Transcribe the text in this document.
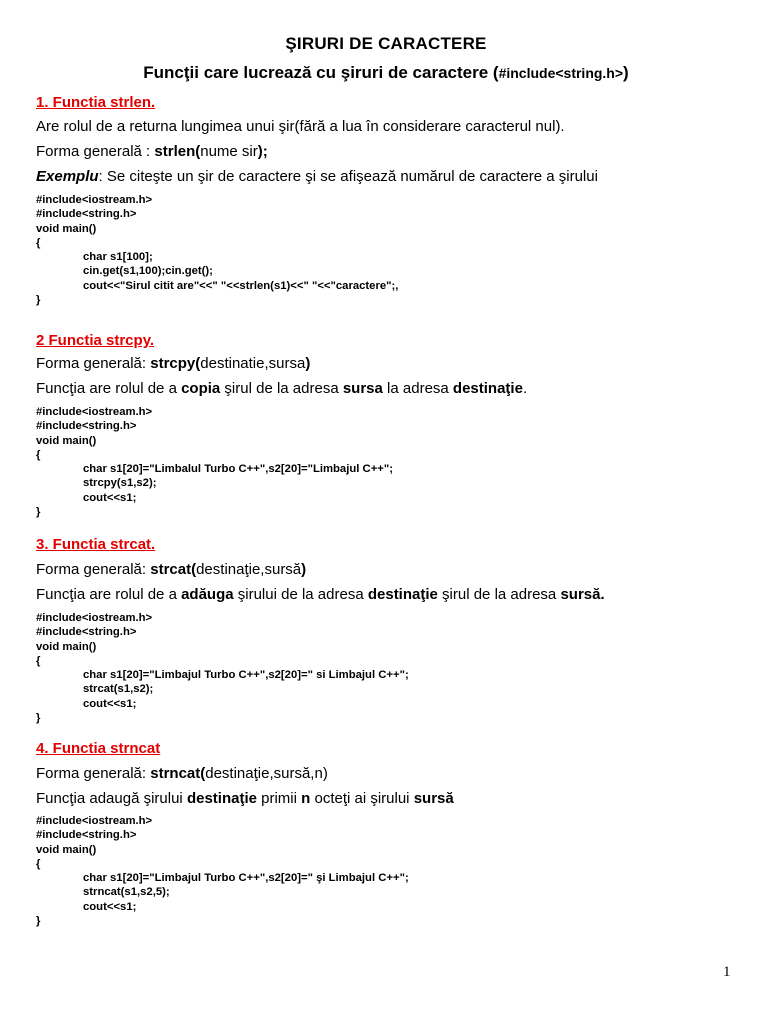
ŞIRURI DE CARACTERE
Funcţii care lucrează cu şiruri de caractere (#include<string.h>)
1. Functia strlen.
Are rolul de a returna lungimea unui şir(fără a lua în considerare caracterul nul).
Forma generală : strlen(nume sir);
Exemplu: Se citeşte un şir de caractere şi se afişează numărul de caractere a şirului
#include<iostream.h>
#include<string.h>
void main()
{
char s1[100];
cin.get(s1,100);cin.get();
cout<<"Sirul citit are"<<" "<<strlen(s1)<<" "<<"caractere";,
}
2 Functia strcpy.
Forma generală: strcpy(destinatie,sursa)
Funcţia are rolul de a copia şirul de la adresa sursa la adresa destinaţie.
#include<iostream.h>
#include<string.h>
void main()
{
char s1[20]="Limbalul Turbo C++",s2[20]="Limbajul C++";
strcpy(s1,s2);
cout<<s1;
}
3. Functia strcat.
Forma generală: strcat(destinaţie,sursă)
Funcţia are rolul de a adăuga şirului de la adresa destinaţie şirul de la adresa sursă.
#include<iostream.h>
#include<string.h>
void main()
{
char s1[20]="Limbajul Turbo C++",s2[20]=" si Limbajul C++";
strcat(s1,s2);
cout<<s1;
}
4. Functia strncat
Forma generală: strncat(destinaţie,sursă,n)
Funcţia adaugă şirului destinaţie primii n octeţi ai şirului sursă
#include<iostream.h>
#include<string.h>
void main()
{
char s1[20]="Limbajul Turbo C++",s2[20]=" şi Limbajul C++";
strncat(s1,s2,5);
cout<<s1;
}
1
